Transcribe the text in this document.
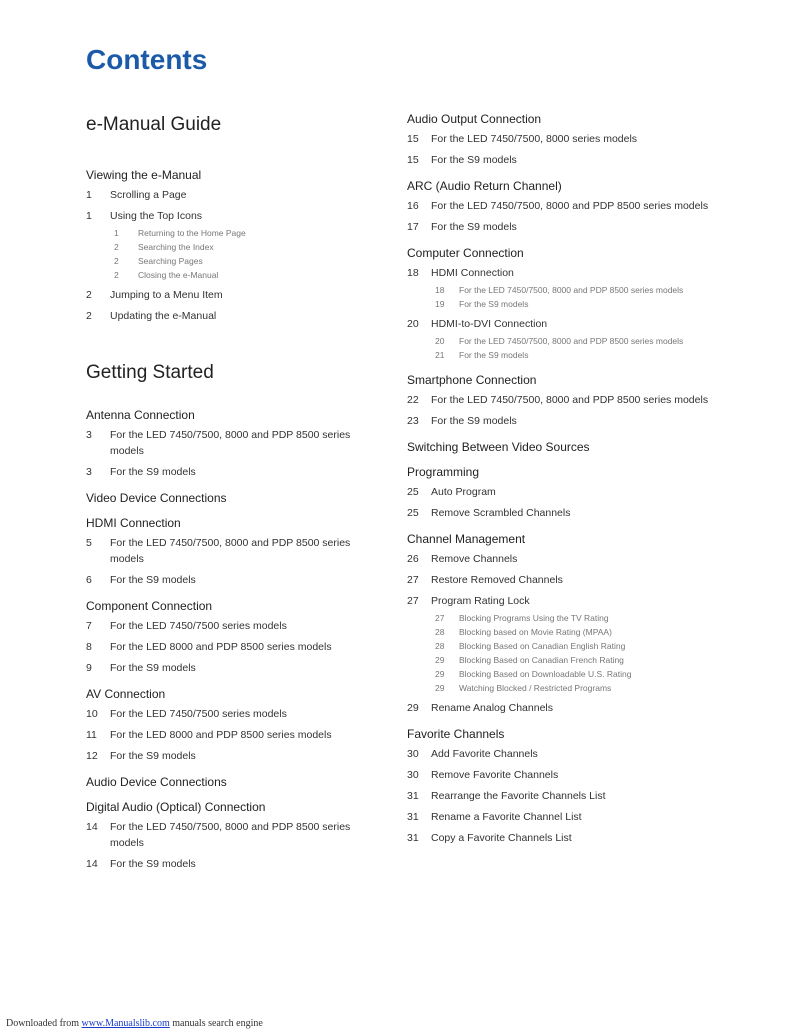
Contents
e-Manual Guide
Viewing the e-Manual
1	Scrolling a Page
1	Using the Top Icons
1	Returning to the Home Page
2	Searching the Index
2	Searching Pages
2	Closing the e-Manual
2	Jumping to a Menu Item
2	Updating the e-Manual
Getting Started
Antenna Connection
3	For the LED 7450/7500, 8000 and PDP 8500 series models
3	For the S9 models
Video Device Connections
HDMI Connection
5	For the LED 7450/7500, 8000 and PDP 8500 series models
6	For the S9 models
Component Connection
7	For the LED 7450/7500 series models
8	For the LED 8000 and PDP 8500 series models
9	For the S9 models
AV Connection
10	For the LED 7450/7500 series models
11	For the LED 8000 and PDP 8500 series models
12	For the S9 models
Audio Device Connections
Digital Audio (Optical) Connection
14	For the LED 7450/7500, 8000 and PDP 8500 series models
14	For the S9 models
Audio Output Connection
15	For the LED 7450/7500, 8000 series models
15	For the S9 models
ARC (Audio Return Channel)
16	For the LED 7450/7500, 8000 and PDP 8500 series models
17	For the S9 models
Computer Connection
18	HDMI Connection
18	For the LED 7450/7500, 8000 and PDP 8500 series models
19	For the S9 models
20	HDMI-to-DVI Connection
20	For the LED 7450/7500, 8000 and PDP 8500 series models
21	For the S9 models
Smartphone Connection
22	For the LED 7450/7500, 8000 and PDP 8500 series models
23	For the S9 models
Switching Between Video Sources
Programming
25	Auto Program
25	Remove Scrambled Channels
Channel Management
26	Remove Channels
27	Restore Removed Channels
27	Program Rating Lock
27	Blocking Programs Using the TV Rating
28	Blocking based on Movie Rating (MPAA)
28	Blocking Based on Canadian English Rating
29	Blocking Based on Canadian French Rating
29	Blocking Based on Downloadable U.S. Rating
29	Watching Blocked / Restricted Programs
29	Rename Analog Channels
Favorite Channels
30	Add Favorite Channels
30	Remove Favorite Channels
31	Rearrange the Favorite Channels List
31	Rename a Favorite Channel List
31	Copy a Favorite Channels List
Downloaded from www.Manualslib.com manuals search engine
